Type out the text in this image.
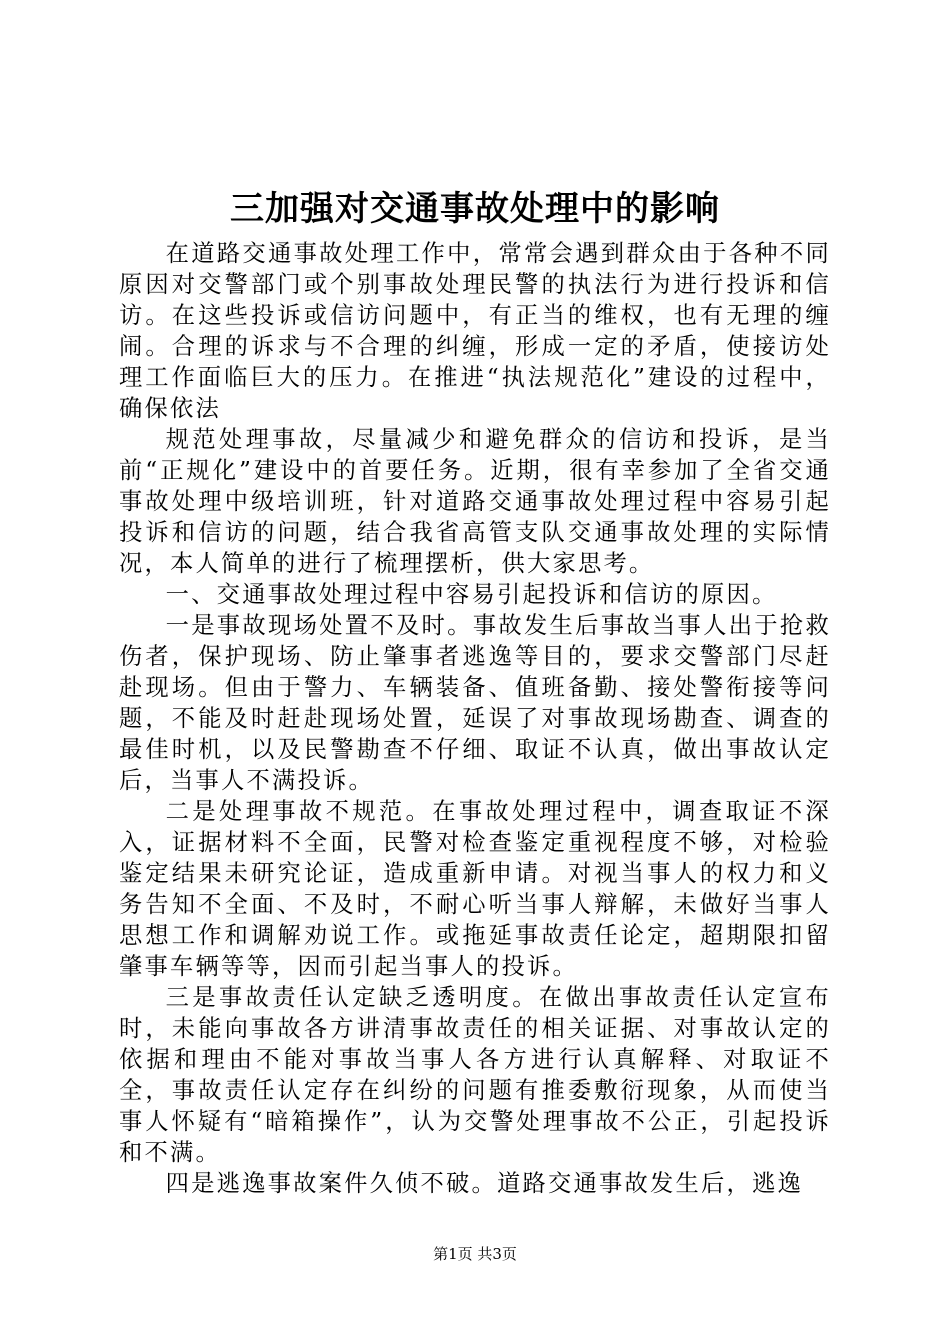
三加强对交通事故处理中的影响

在道路交通事故处理工作中，常常会遇到群众由于各种不同原因对交警部门或个别事故处理民警的执法行为进行投诉和信访。在这些投诉或信访问题中，有正当的维权，也有无理的缠闹。合理的诉求与不合理的纠缠，形成一定的矛盾，使接访处理工作面临巨大的压力。在推进“执法规范化”建设的过程中，确保依法

规范处理事故，尽量减少和避免群众的信访和投诉，是当前“正规化”建设中的首要任务。近期，很有幸参加了全省交通事故处理中级培训班，针对道路交通事故处理过程中容易引起投诉和信访的问题，结合我省高管支队交通事故处理的实际情况，本人简单的进行了梳理摆析，供大家思考。

一、交通事故处理过程中容易引起投诉和信访的原因。

一是事故现场处置不及时。事故发生后事故当事人出于抢救伤者，保护现场、防止肇事者逃逸等目的，要求交警部门尽赶赴现场。但由于警力、车辆装备、值班备勤、接处警衔接等问题，不能及时赶赴现场处置，延误了对事故现场勘查、调查的最佳时机，以及民警勘查不仔细、取证不认真，做出事故认定后，当事人不满投诉。

二是处理事故不规范。在事故处理过程中，调查取证不深入，证据材料不全面，民警对检查鉴定重视程度不够，对检验鉴定结果未研究论证，造成重新申请。对视当事人的权力和义务告知不全面、不及时，不耐心听当事人辩解，未做好当事人思想工作和调解劝说工作。或拖延事故责任论定，超期限扣留肇事车辆等等，因而引起当事人的投诉。

三是事故责任认定缺乏透明度。在做出事故责任认定宣布时，未能向事故各方讲清事故责任的相关证据、对事故认定的依据和理由不能对事故当事人各方进行认真解释、对取证不全，事故责任认定存在纠纷的问题有推委敷衍现象，从而使当事人怀疑有“暗箱操作”，认为交警处理事故不公正，引起投诉和不满。

四是逃逸事故案件久侦不破。道路交通事故发生后，逃逸

第1页 共3页
